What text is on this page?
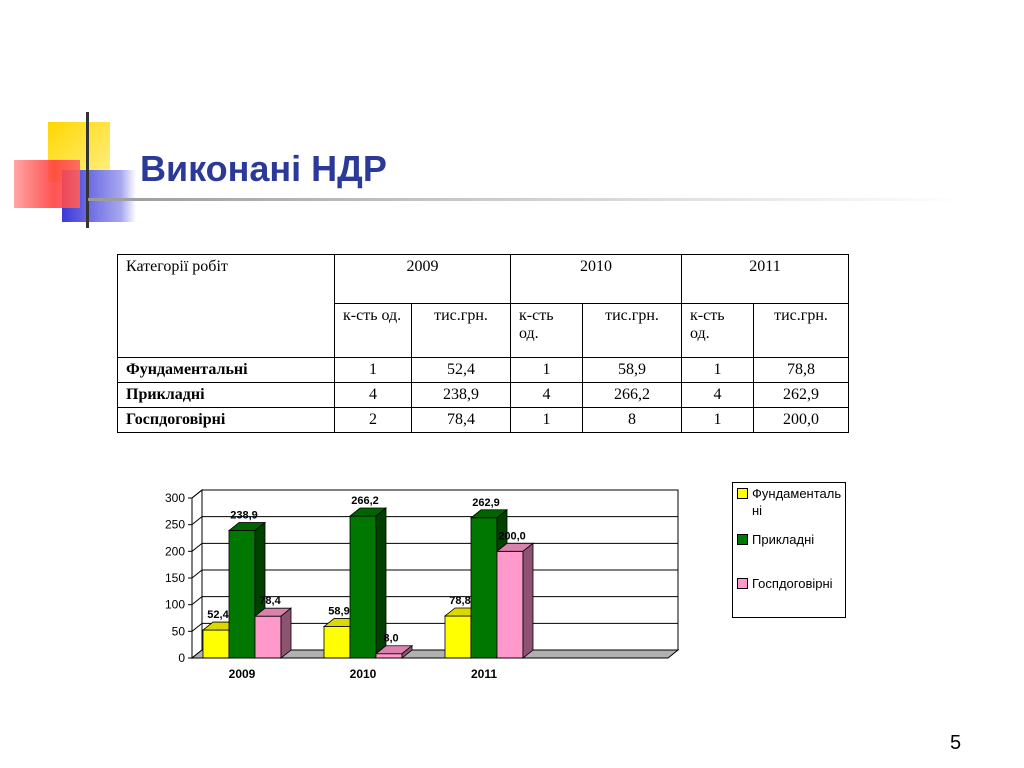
Виконані НДР
Категорії робіт	2009		2010		2011	
	к-сть од.	тис.грн.	к-сть од.	тис.грн.	к-сть од.	тис.грн.
Фундаментальні	1	52,4	1	58,9	1	78,8
Прикладні	4	238,9	4	266,2	4	262,9
Госпдоговірні	2	78,4	1	8	1	200,0
0
50
100
150
200
250
300
52,4
238,9
78,4
2009
58,9
266,2
8,0
2010
78,8
262,9
200,0
2011
Фундаментальні
Прикладні
Госпдоговірні
5
